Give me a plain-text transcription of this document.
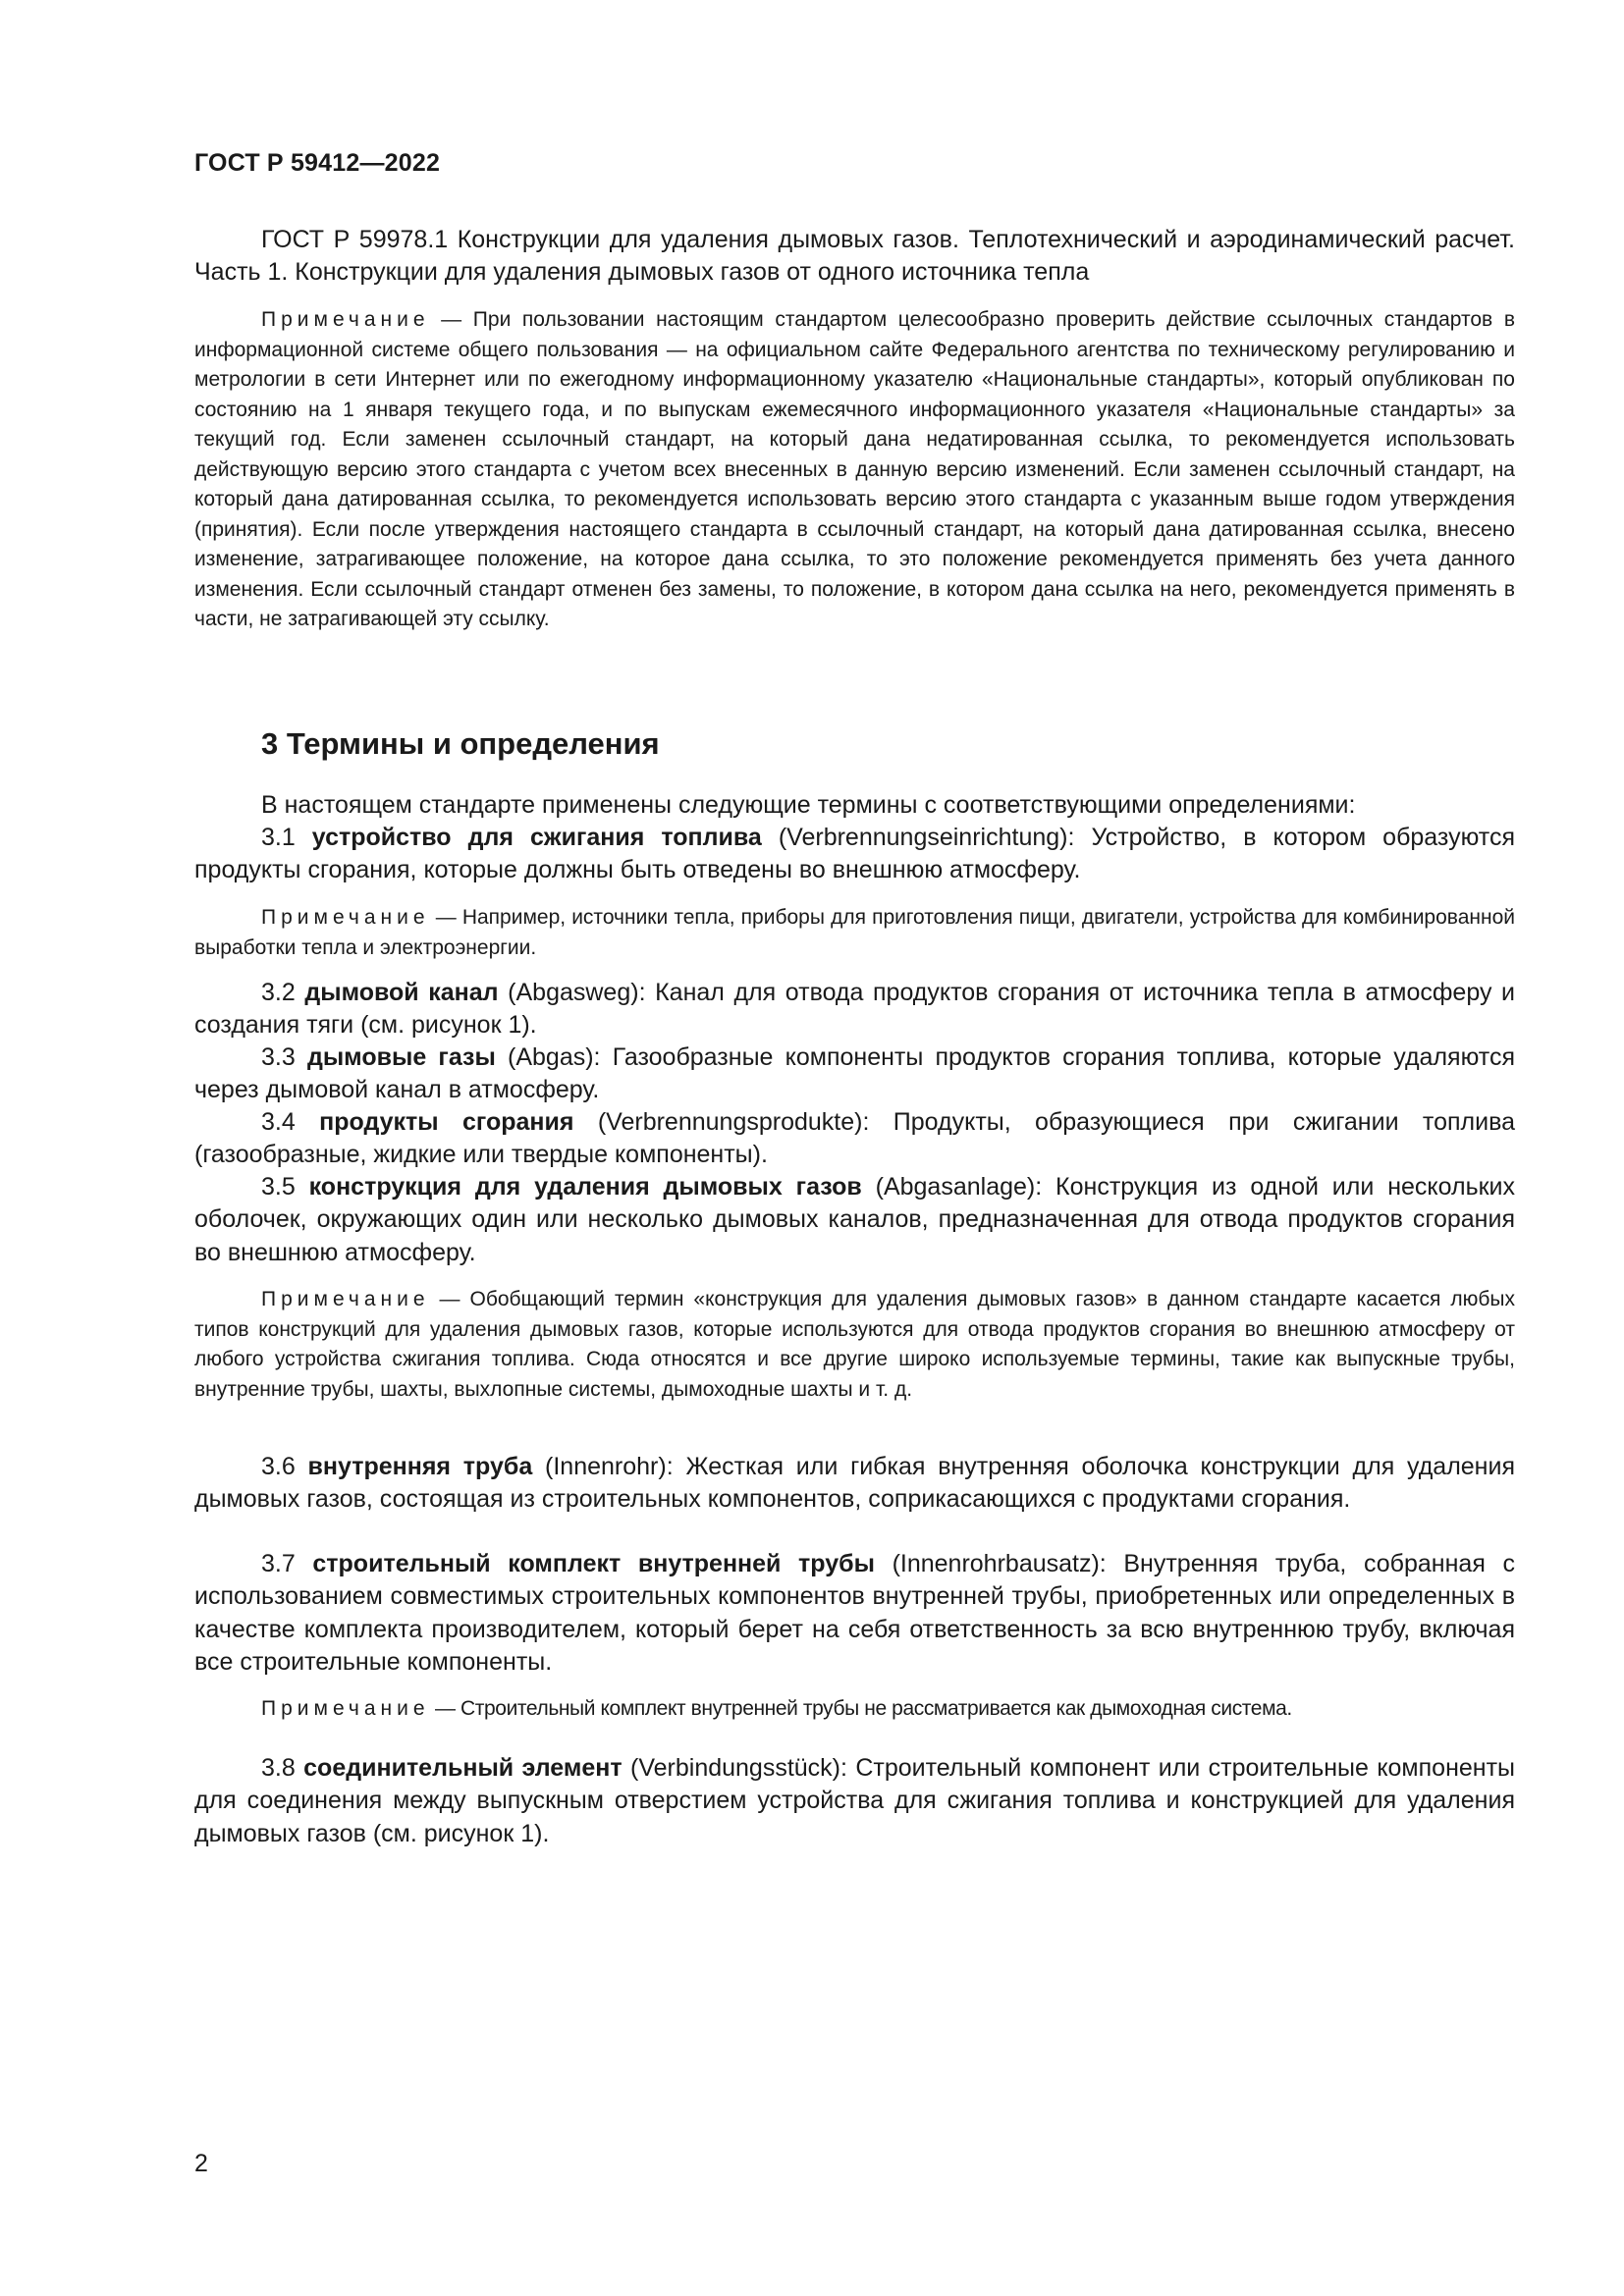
ГОСТ Р 59412—2022

ГОСТ Р 59978.1 Конструкции для удаления дымовых газов. Теплотехнический и аэродинамический расчет. Часть 1. Конструкции для удаления дымовых газов от одного источника тепла

Примечание — При пользовании настоящим стандартом целесообразно проверить действие ссылочных стандартов в информационной системе общего пользования — на официальном сайте Федерального агентства по техническому регулированию и метрологии в сети Интернет или по ежегодному информационному указателю «Национальные стандарты», который опубликован по состоянию на 1 января текущего года, и по выпускам ежемесячного информационного указателя «Национальные стандарты» за текущий год. Если заменен ссылочный стандарт, на который дана недатированная ссылка, то рекомендуется использовать действующую версию этого стандарта с учетом всех внесенных в данную версию изменений. Если заменен ссылочный стандарт, на который дана датированная ссылка, то рекомендуется использовать версию этого стандарта с указанным выше годом утверждения (принятия). Если после утверждения настоящего стандарта в ссылочный стандарт, на который дана датированная ссылка, внесено изменение, затрагивающее положение, на которое дана ссылка, то это положение рекомендуется применять без учета данного изменения. Если ссылочный стандарт отменен без замены, то положение, в котором дана ссылка на него, рекомендуется применять в части, не затрагивающей эту ссылку.

3 Термины и определения

В настоящем стандарте применены следующие термины с соответствующими определениями:

3.1 устройство для сжигания топлива (Verbrennungseinrichtung): Устройство, в котором образуются продукты сгорания, которые должны быть отведены во внешнюю атмосферу.

Примечание — Например, источники тепла, приборы для приготовления пищи, двигатели, устройства для комбинированной выработки тепла и электроэнергии.

3.2 дымовой канал (Abgasweg): Канал для отвода продуктов сгорания от источника тепла в атмосферу и создания тяги (см. рисунок 1).

3.3 дымовые газы (Abgas): Газообразные компоненты продуктов сгорания топлива, которые удаляются через дымовой канал в атмосферу.

3.4 продукты сгорания (Verbrennungsprodukte): Продукты, образующиеся при сжигании топлива (газообразные, жидкие или твердые компоненты).

3.5 конструкция для удаления дымовых газов (Abgasanlage): Конструкция из одной или нескольких оболочек, окружающих один или несколько дымовых каналов, предназначенная для отвода продуктов сгорания во внешнюю атмосферу.

Примечание — Обобщающий термин «конструкция для удаления дымовых газов» в данном стандарте касается любых типов конструкций для удаления дымовых газов, которые используются для отвода продуктов сгорания во внешнюю атмосферу от любого устройства сжигания топлива. Сюда относятся и все другие широко используемые термины, такие как выпускные трубы, внутренние трубы, шахты, выхлопные системы, дымоходные шахты и т. д.

3.6 внутренняя труба (Innenrohr): Жесткая или гибкая внутренняя оболочка конструкции для удаления дымовых газов, состоящая из строительных компонентов, соприкасающихся с продуктами сгорания.

3.7 строительный комплект внутренней трубы (Innenrohrbausatz): Внутренняя труба, собранная с использованием совместимых строительных компонентов внутренней трубы, приобретенных или определенных в качестве комплекта производителем, который берет на себя ответственность за всю внутреннюю трубу, включая все строительные компоненты.

Примечание — Строительный комплект внутренней трубы не рассматривается как дымоходная система.

3.8 соединительный элемент (Verbindungsstück): Строительный компонент или строительные компоненты для соединения между выпускным отверстием устройства для сжигания топлива и конструкцией для удаления дымовых газов (см. рисунок 1).

2
